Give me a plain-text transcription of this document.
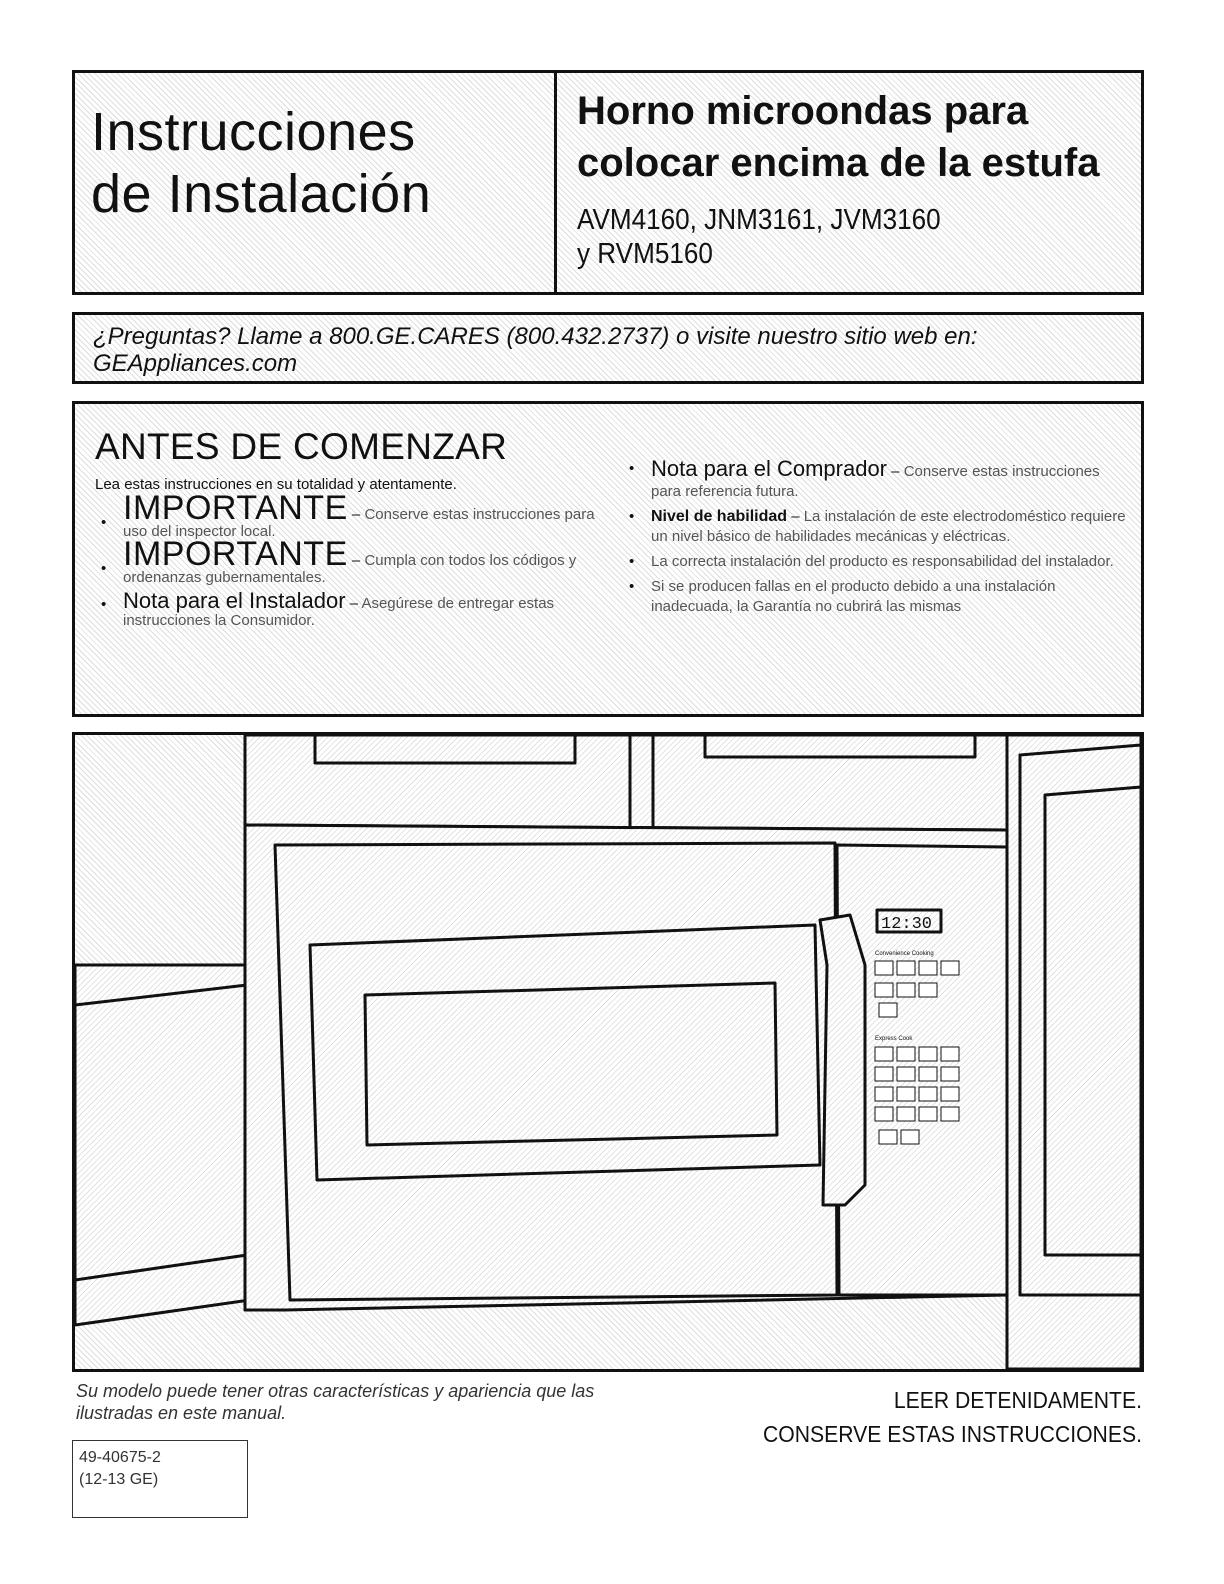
Instrucciones
de Instalación
Horno microondas para
colocar encima de la estufa
AVM4160, JNM3161, JVM3160
y RVM5160
¿Preguntas? Llame a 800.GE.CARES (800.432.2737) o visite nuestro sitio web en:
GEAppliances.com
ANTES DE COMENZAR
Lea estas instrucciones en su totalidad y atentamente.
• IMPORTANTE – Conserve estas instrucciones para uso del inspector local.
• IMPORTANTE – Cumpla con todos los códigos y ordenanzas gubernamentales.
• Nota para el Instalador – Asegúrese de entregar estas instrucciones la Consumidor.
• Nota para el Comprador – Conserve estas instrucciones para referencia futura.
• Nivel de habilidad – La instalación de este electrodoméstico requiere un nivel básico de habilidades mecánicas y eléctricas.
• La correcta instalación del producto es responsabilidad del instalador.
• Si se producen fallas en el producto debido a una instalación inadecuada, la Garantía no cubrirá las mismas
12:30
Convenience Cooking
Express Cook
Su modelo puede tener otras características y apariencia que las ilustradas en este manual.	LEER DETENIDAMENTE.
CONSERVE ESTAS INSTRUCCIONES.
49-40675-2
(12-13 GE)
